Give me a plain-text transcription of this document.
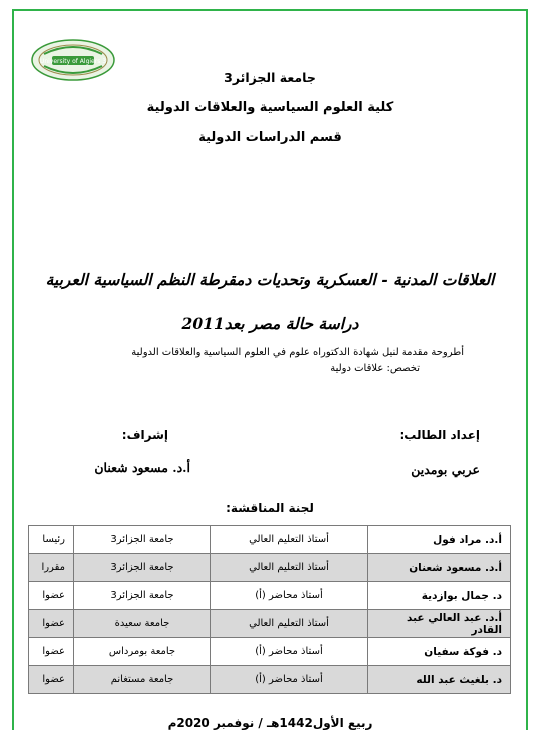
University of Algiers 3
جامعة الجزائر3
كلية العلوم السياسية والعلاقات الدولية
قسم الدراسات الدولية
العلاقات المدنية - العسكرية وتحديات دمقرطة النظم السياسية العربية
دراسة حالة مصر بعد2011
أطروحة مقدمة لنيل شهادة الدكتوراه علوم في العلوم السياسية والعلاقات الدولية
تخصص: علاقات دولية
إعداد الطالب:
عربي بومدين
إشراف:
أ.د. مسعود شعنان
لجنة المناقشة:
أ.د. مراد فول	أستاذ التعليم العالي	جامعة الجزائر3	رئيسا
أ.د. مسعود شعنان	أستاذ التعليم العالي	جامعة الجزائر3	مقررا
د. جمال بوازدية	أستاذ محاضر (أ)	جامعة الجزائر3	عضوا
أ.د. عبد العالي عبد القادر	أستاذ التعليم العالي	جامعة سعيدة	عضوا
د. فوكة سفيان	أستاذ محاضر (أ)	جامعة بومرداس	عضوا
د. بلغيث عبد الله	أستاذ محاضر (أ)	جامعة مستغانم	عضوا
ربيع الأول1442هـ / نوفمبر 2020م
